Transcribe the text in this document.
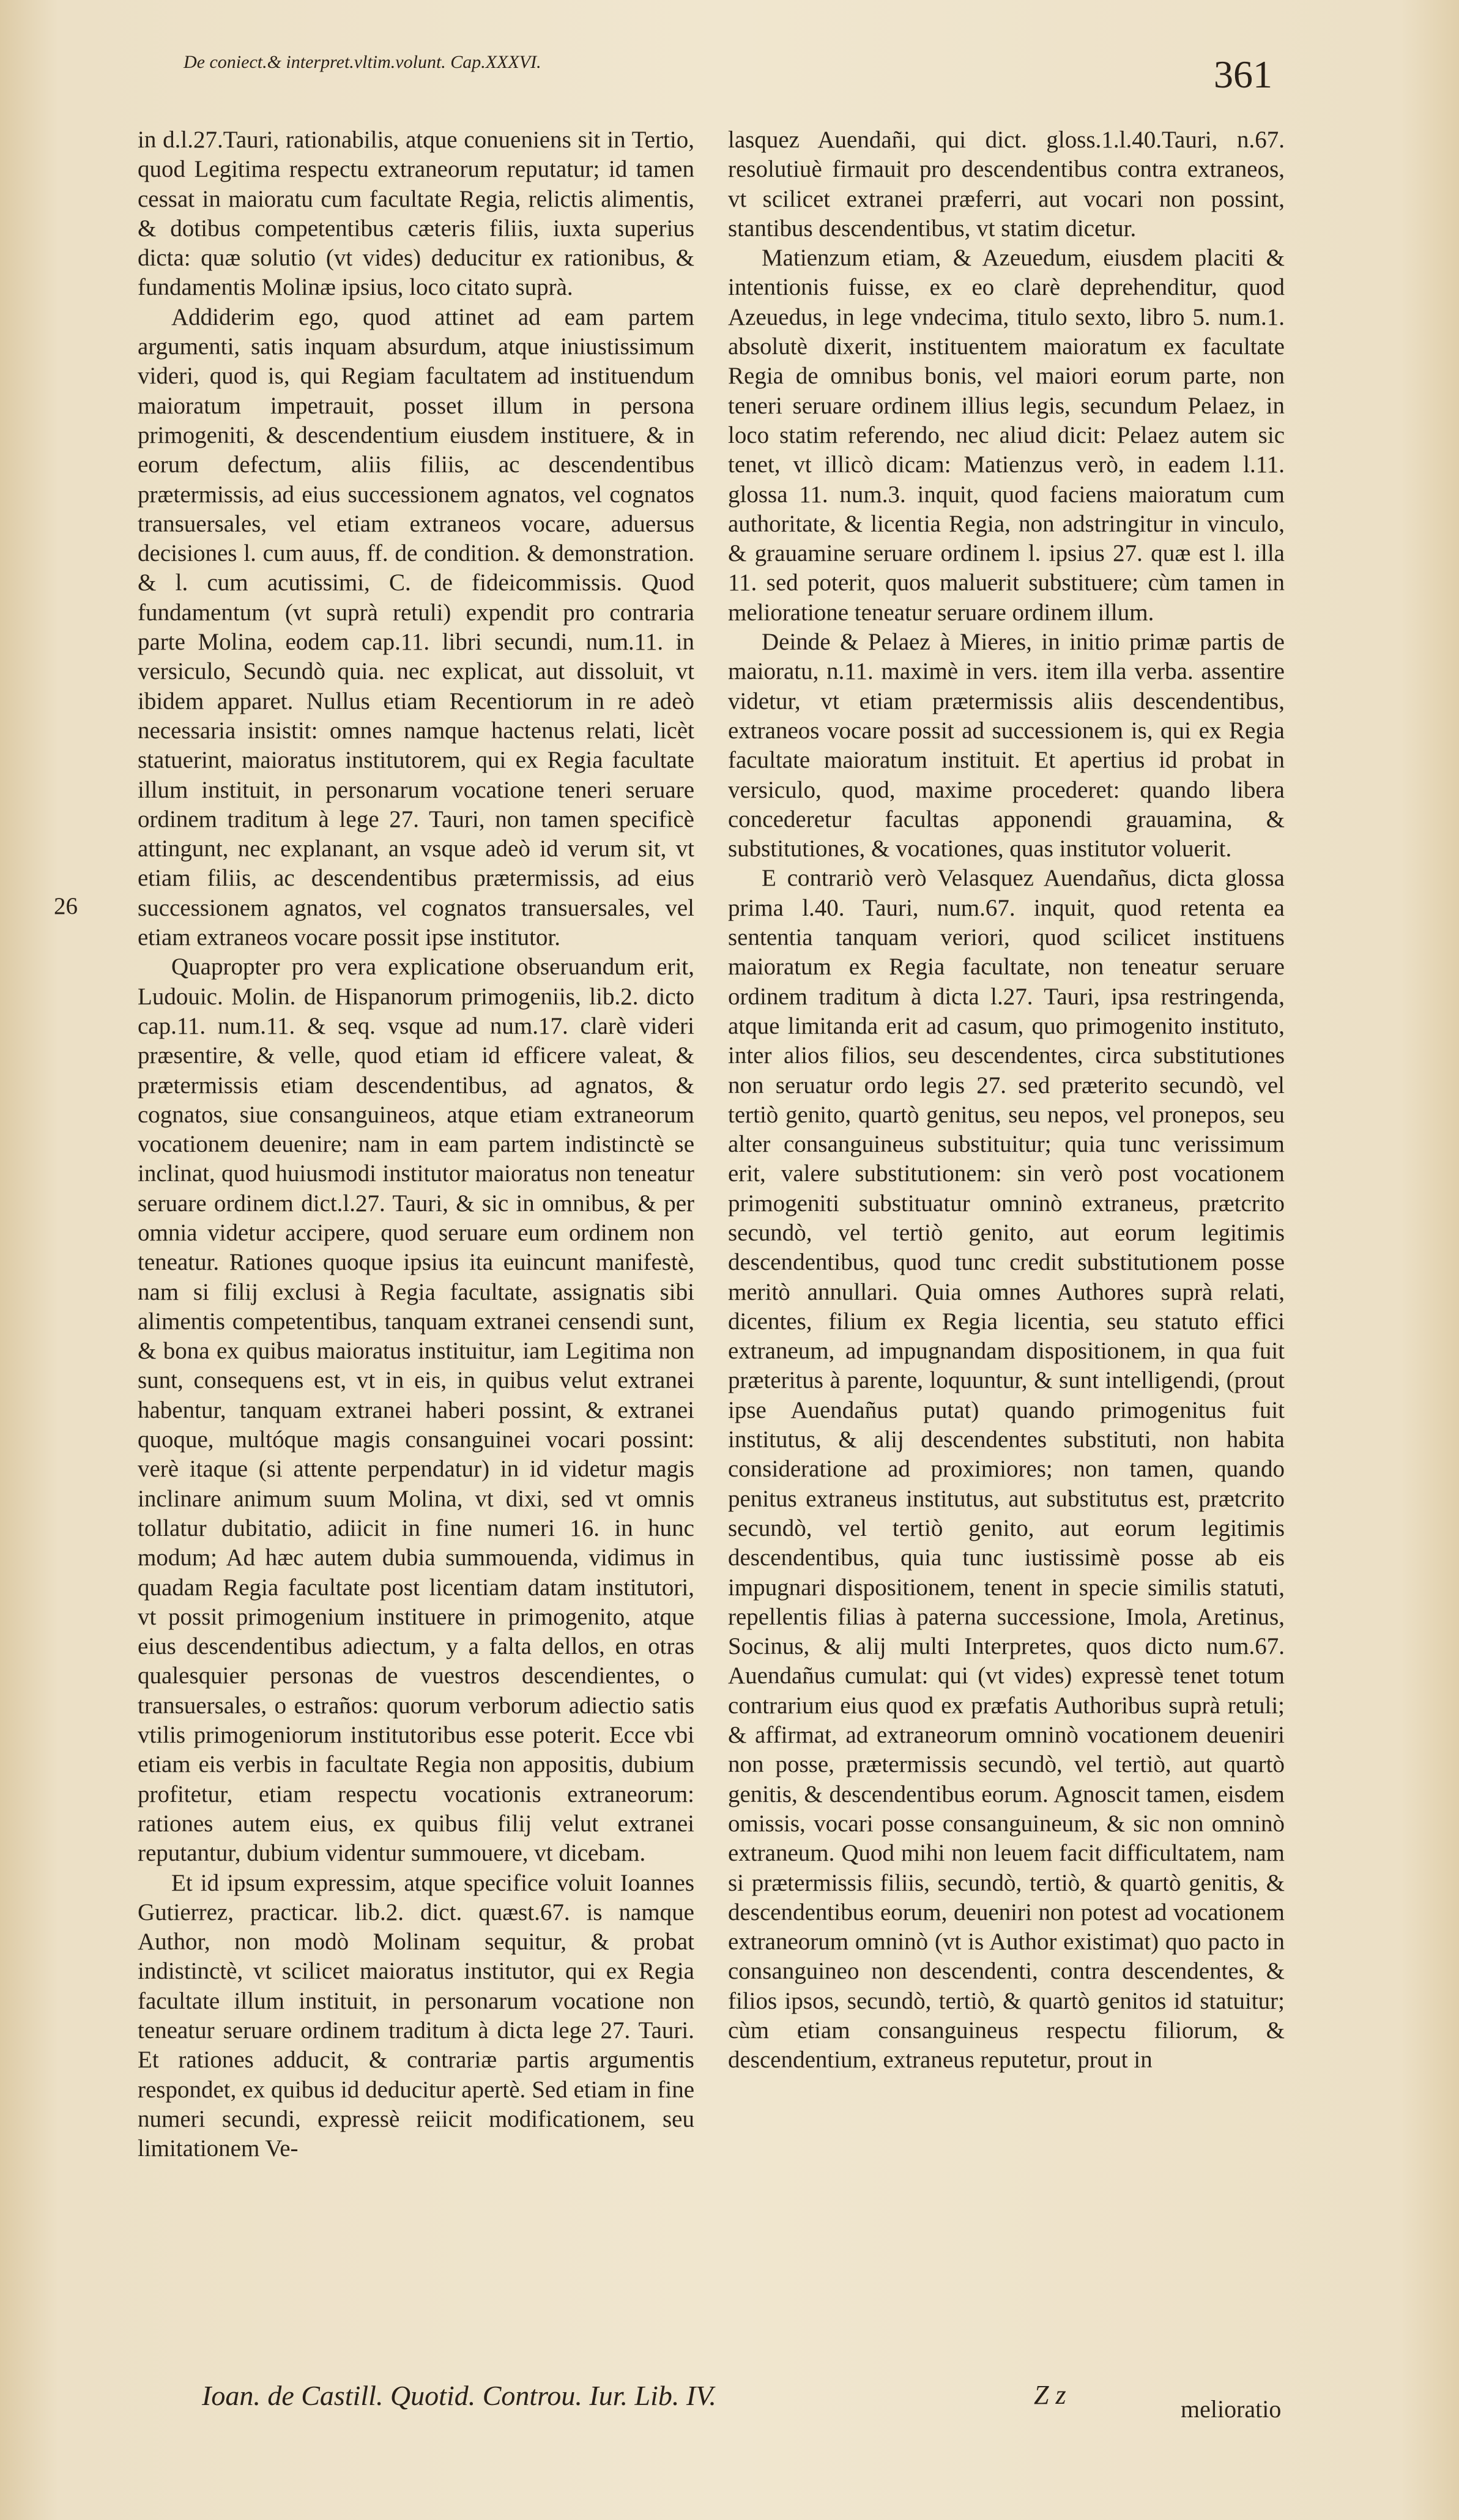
De coniect.& interpret.vltim.volunt. Cap.XXXVI.	361
26

in d.l.27.Tauri, rationabilis, atque conueniens sit in Tertio, quod Legitima respectu extraneorum reputatur; id tamen cessat in maioratu cum facultate Regia, relictis alimentis, & dotibus competentibus cæteris filiis, iuxta superius dicta: quæ solutio (vt vides) deducitur ex rationibus, & fundamentis Molinæ ipsius, loco citato suprà.

Addiderim ego, quod attinet ad eam partem argumenti, satis inquam absurdum, atque iniustissimum videri, quod is, qui Regiam facultatem ad instituendum maioratum impetrauit, posset illum in persona primogeniti, & descendentium eiusdem instituere, & in eorum defectum, aliis filiis, ac descendentibus prætermissis, ad eius successionem agnatos, vel cognatos transuersales, vel etiam extraneos vocare, aduersus decisiones l. cum auus, ff. de condition. & demonstration. & l. cum acutissimi, C. de fideicommissis. Quod fundamentum (vt suprà retuli) expendit pro contraria parte Molina, eodem cap.11. libri secundi, num.11. in versiculo, Secundò quia. nec explicat, aut dissoluit, vt ibidem apparet. Nullus etiam Recentiorum in re adeò necessaria insistit: omnes namque hactenus relati, licèt statuerint, maioratus institutorem, qui ex Regia facultate illum instituit, in personarum vocatione teneri seruare ordinem traditum à lege 27. Tauri, non tamen specificè attingunt, nec explanant, an vsque adeò id verum sit, vt etiam filiis, ac descendentibus prætermissis, ad eius successionem agnatos, vel cognatos transuersales, vel etiam extraneos vocare possit ipse institutor.

Quapropter pro vera explicatione obseruandum erit, Ludouic. Molin. de Hispanorum primogeniis, lib.2. dicto cap.11. num.11. & seq. vsque ad num.17. clarè videri præsentire, & velle, quod etiam id efficere valeat, & prætermissis etiam descendentibus, ad agnatos, & cognatos, siue consanguineos, atque etiam extraneorum vocationem deuenire; nam in eam partem indistinctè se inclinat, quod huiusmodi institutor maioratus non teneatur seruare ordinem dict.l.27. Tauri, & sic in omnibus, & per omnia videtur accipere, quod seruare eum ordinem non teneatur. Rationes quoque ipsius ita euincunt manifestè, nam si filij exclusi à Regia facultate, assignatis sibi alimentis competentibus, tanquam extranei censendi sunt, & bona ex quibus maioratus instituitur, iam Legitima non sunt, consequens est, vt in eis, in quibus velut extranei habentur, tanquam extranei haberi possint, & extranei quoque, multóque magis consanguinei vocari possint: verè itaque (si attente perpendatur) in id videtur magis inclinare animum suum Molina, vt dixi, sed vt omnis tollatur dubitatio, adiicit in fine numeri 16. in hunc modum; Ad hæc autem dubia summouenda, vidimus in quadam Regia facultate post licentiam datam institutori, vt possit primogenium instituere in primogenito, atque eius descendentibus adiectum, y a falta dellos, en otras qualesquier personas de vuestros descendientes, o transuersales, o estraños: quorum verborum adiectio satis vtilis primogeniorum institutoribus esse poterit. Ecce vbi etiam eis verbis in facultate Regia non appositis, dubium profitetur, etiam respectu vocationis extraneorum: rationes autem eius, ex quibus filij velut extranei reputantur, dubium videntur summouere, vt dicebam.

Et id ipsum expressim, atque specifice voluit Ioannes Gutierrez, practicar. lib.2. dict. quæst.67. is namque Author, non modò Molinam sequitur, & probat indistinctè, vt scilicet maioratus institutor, qui ex Regia facultate illum instituit, in personarum vocatione non teneatur seruare ordinem traditum à dicta lege 27. Tauri. Et rationes adducit, & contrariæ partis argumentis respondet, ex quibus id deducitur apertè. Sed etiam in fine numeri secundi, expressè reiicit modificationem, seu limitationem Ve-

lasquez Auendañi, qui dict. gloss.1.l.40.Tauri, n.67. resolutiuè firmauit pro descendentibus contra extraneos, vt scilicet extranei præferri, aut vocari non possint, stantibus descendentibus, vt statim dicetur.

Matienzum etiam, & Azeuedum, eiusdem placiti & intentionis fuisse, ex eo clarè deprehenditur, quod Azeuedus, in lege vndecima, titulo sexto, libro 5. num.1. absolutè dixerit, instituentem maioratum ex facultate Regia de omnibus bonis, vel maiori eorum parte, non teneri seruare ordinem illius legis, secundum Pelaez, in loco statim referendo, nec aliud dicit: Pelaez autem sic tenet, vt illicò dicam: Matienzus verò, in eadem l.11. glossa 11. num.3. inquit, quod faciens maioratum cum authoritate, & licentia Regia, non adstringitur in vinculo, & grauamine seruare ordinem l. ipsius 27. quæ est l. illa 11. sed poterit, quos maluerit substituere; cùm tamen in melioratione teneatur seruare ordinem illum.

Deinde & Pelaez à Mieres, in initio primæ partis de maioratu, n.11. maximè in vers. item illa verba. assentire videtur, vt etiam prætermissis aliis descendentibus, extraneos vocare possit ad successionem is, qui ex Regia facultate maioratum instituit. Et apertius id probat in versiculo, quod, maxime procederet: quando libera concederetur facultas apponendi grauamina, & substitutiones, & vocationes, quas institutor voluerit.

E contrariò verò Velasquez Auendañus, dicta glossa prima l.40. Tauri, num.67. inquit, quod retenta ea sententia tanquam veriori, quod scilicet instituens maioratum ex Regia facultate, non teneatur seruare ordinem traditum à dicta l.27. Tauri, ipsa restringenda, atque limitanda erit ad casum, quo primogenito instituto, inter alios filios, seu descendentes, circa substitutiones non seruatur ordo legis 27. sed præterito secundò, vel tertiò genito, quartò genitus, seu nepos, vel pronepos, seu alter consanguineus substituitur; quia tunc verissimum erit, valere substitutionem: sin verò post vocationem primogeniti substituatur omninò extraneus, prætcrito secundò, vel tertiò genito, aut eorum legitimis descendentibus, quod tunc credit substitutionem posse meritò annullari. Quia omnes Authores suprà relati, dicentes, filium ex Regia licentia, seu statuto effici extraneum, ad impugnandam dispositionem, in qua fuit præteritus à parente, loquuntur, & sunt intelligendi, (prout ipse Auendañus putat) quando primogenitus fuit institutus, & alij descendentes substituti, non habita consideratione ad proximiores; non tamen, quando penitus extraneus institutus, aut substitutus est, prætcrito secundò, vel tertiò genito, aut eorum legitimis descendentibus, quia tunc iustissimè posse ab eis impugnari dispositionem, tenent in specie similis statuti, repellentis filias à paterna successione, Imola, Aretinus, Socinus, & alij multi Interpretes, quos dicto num.67. Auendañus cumulat: qui (vt vides) expressè tenet totum contrarium eius quod ex præfatis Authoribus suprà retuli; & affirmat, ad extraneorum omninò vocationem deueniri non posse, prætermissis secundò, vel tertiò, aut quartò genitis, & descendentibus eorum. Agnoscit tamen, eisdem omissis, vocari posse consanguineum, & sic non omninò extraneum. Quod mihi non leuem facit difficultatem, nam si prætermissis filiis, secundò, tertiò, & quartò genitis, & descendentibus eorum, deueniri non potest ad vocationem extraneorum omninò (vt is Author existimat) quo pacto in consanguineo non descendenti, contra descendentes, & filios ipsos, secundò, tertiò, & quartò genitos id statuitur; cùm etiam consanguineus respectu filiorum, & descendentium, extraneus reputetur, prout in

Ioan. de Castill. Quotid. Controu. Iur. Lib. IV.	Z z	melioratio
